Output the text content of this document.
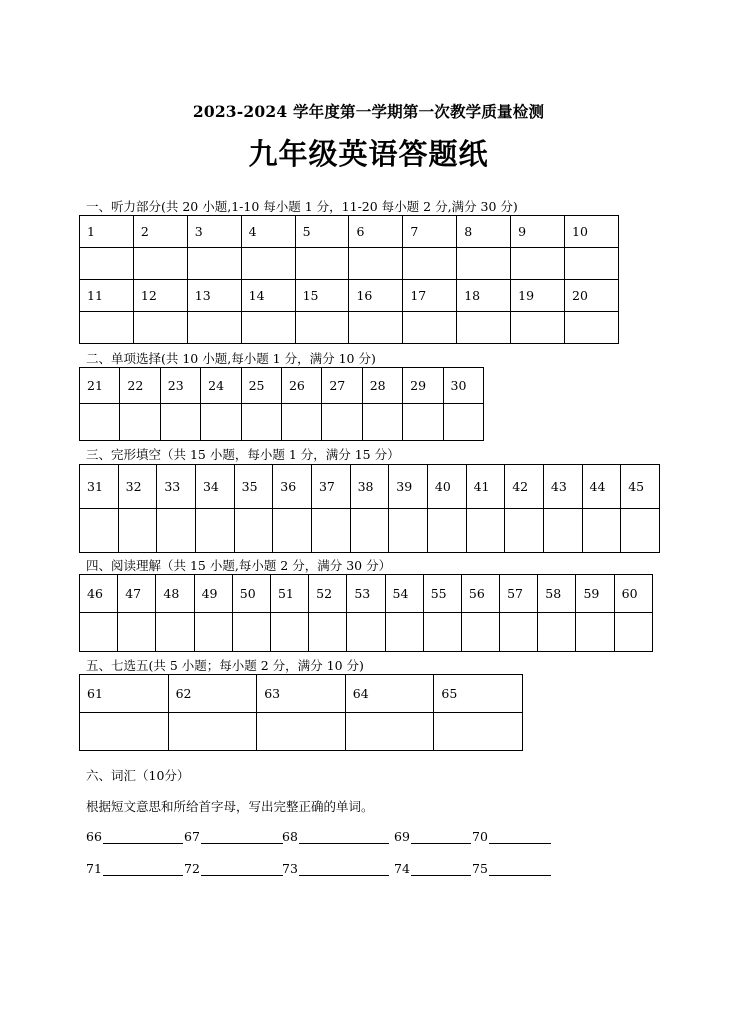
2023-2024 学年度第一学期第一次教学质量检测
九年级英语答题纸
一、听力部分(共 20 小题,1-10 每小题 1 分，11-20 每小题 2 分,满分 30 分)
1	2	3	4	5	6	7	8	9	10

11	12	13	14	15	16	17	18	19	20

二、单项选择(共 10 小题,每小题 1 分，满分 10 分)
21	22	23	24	25	26	27	28	29	30

三、完形填空（共 15 小题，每小题 1 分，满分 15 分）
31	32	33	34	35	36	37	38	39	40	41	42	43	44	45

四、阅读理解（共 15 小题,每小题 2 分，满分 30 分）
46	47	48	49	50	51	52	53	54	55	56	57	58	59	60

五、七选五(共 5 小题；每小题 2 分，满分 10 分)
61	62	63	64	65

六、词汇（10分）
根据短文意思和所给首字母，写出完整正确的单词。
66	67	68	69	70
71	72	73	74	75
